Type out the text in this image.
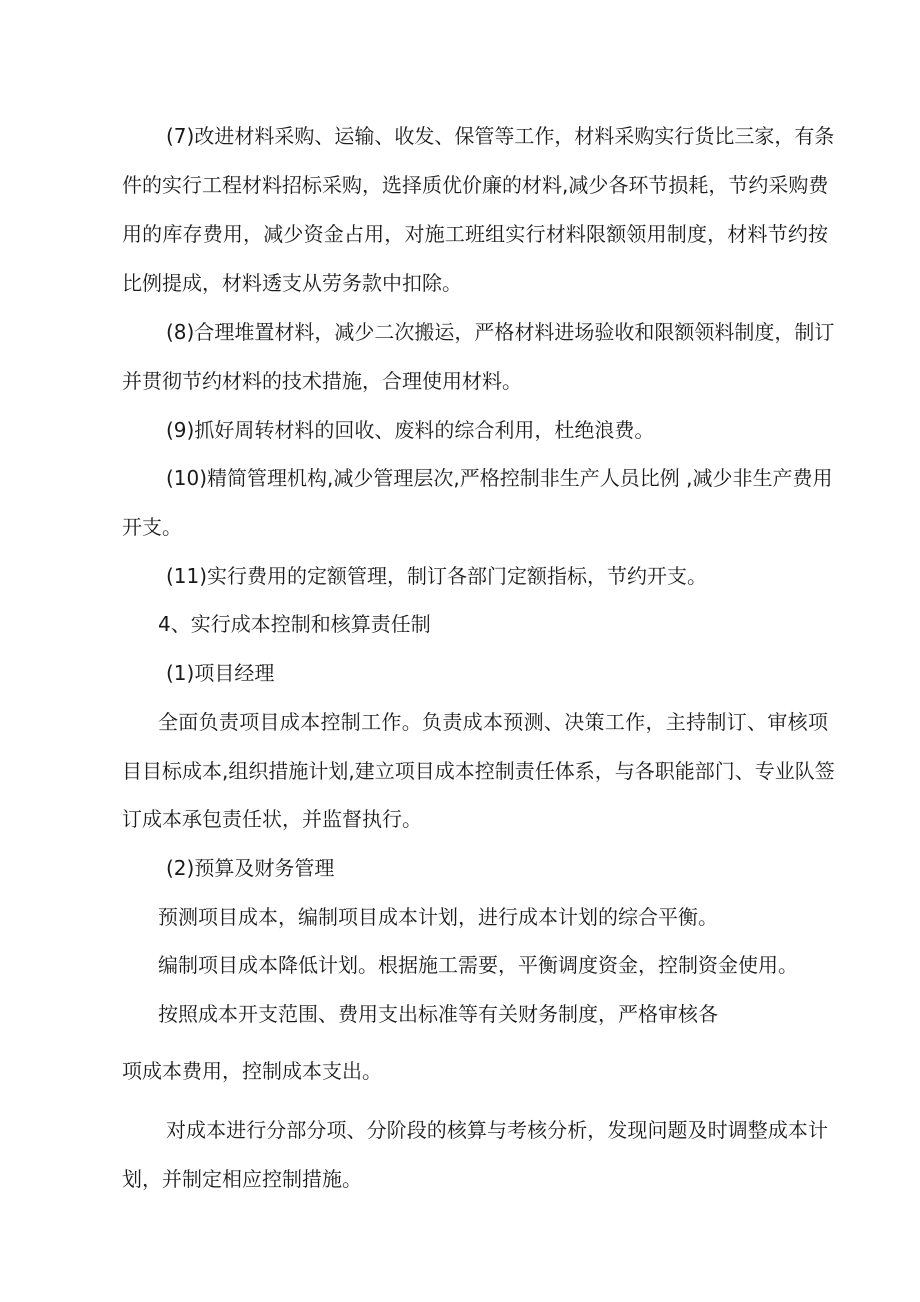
(7)改进材料采购、运输、收发、保管等工作，材料采购实行货比三家，有条

件的实行工程材料招标采购，选择质优价廉的材料,减少各环节损耗，节约采购费

用的库存费用，减少资金占用，对施工班组实行材料限额领用制度，材料节约按

比例提成，材料透支从劳务款中扣除。

(8)合理堆置材料，减少二次搬运，严格材料进场验收和限额领料制度，制订

并贯彻节约材料的技术措施，合理使用材料。

(9)抓好周转材料的回收、废料的综合利用，杜绝浪费。

(10)精简管理机构,减少管理层次,严格控制非生产人员比例 ,减少非生产费用

开支。

(11)实行费用的定额管理，制订各部门定额指标，节约开支。

4、实行成本控制和核算责任制

(1)项目经理

全面负责项目成本控制工作。负责成本预测、决策工作，主持制订、审核项

目目标成本,组织措施计划,建立项目成本控制责任体系，与各职能部门、专业队签

订成本承包责任状，并监督执行。

(2)预算及财务管理

预测项目成本，编制项目成本计划，进行成本计划的综合平衡。

编制项目成本降低计划。根据施工需要，平衡调度资金，控制资金使用。

按照成本开支范围、费用支出标准等有关财务制度，严格审核各

项成本费用，控制成本支出。

对成本进行分部分项、分阶段的核算与考核分析，发现问题及时调整成本计

划，并制定相应控制措施。
